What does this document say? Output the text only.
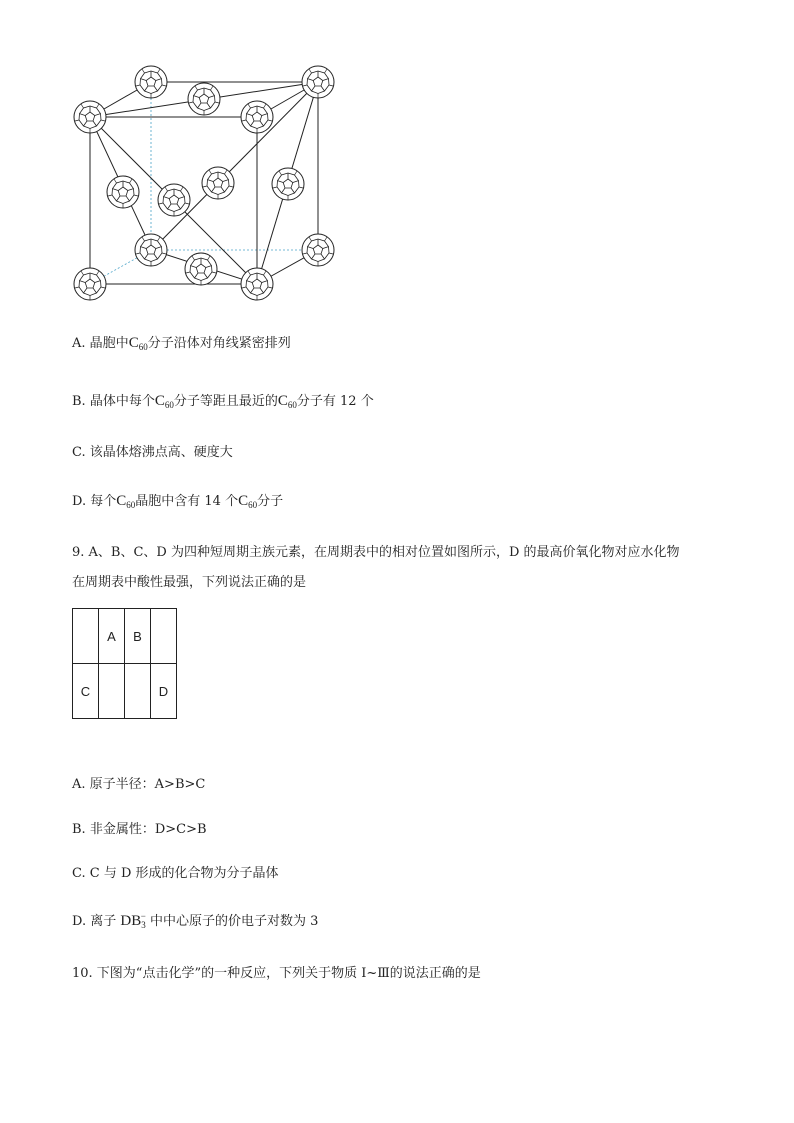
A. 晶胞中$C_{60}$分子沿体对角线紧密排列
B. 晶体中每个$C_{60}$分子等距且最近的$C_{60}$分子有 12 个
C. 该晶体熔沸点高、硬度大
D. 每个$C_{60}$晶胞中含有 14 个$C_{60}$分子
9. A、B、C、D 为四种短周期主族元素，在周期表中的相对位置如图所示，D 的最高价氧化物对应水化物
在周期表中酸性最强，下列说法正确的是
	A	B	
C			D
A. 原子半径：A>B>C
B. 非金属性：D>C>B
C. C 与 D 形成的化合物为分子晶体
D. 离子 $DB_3^-$ 中中心原子的价电子对数为 3
10. 下图为“点击化学”的一种反应，下列关于物质 Ⅰ~Ⅲ的说法正确的是
